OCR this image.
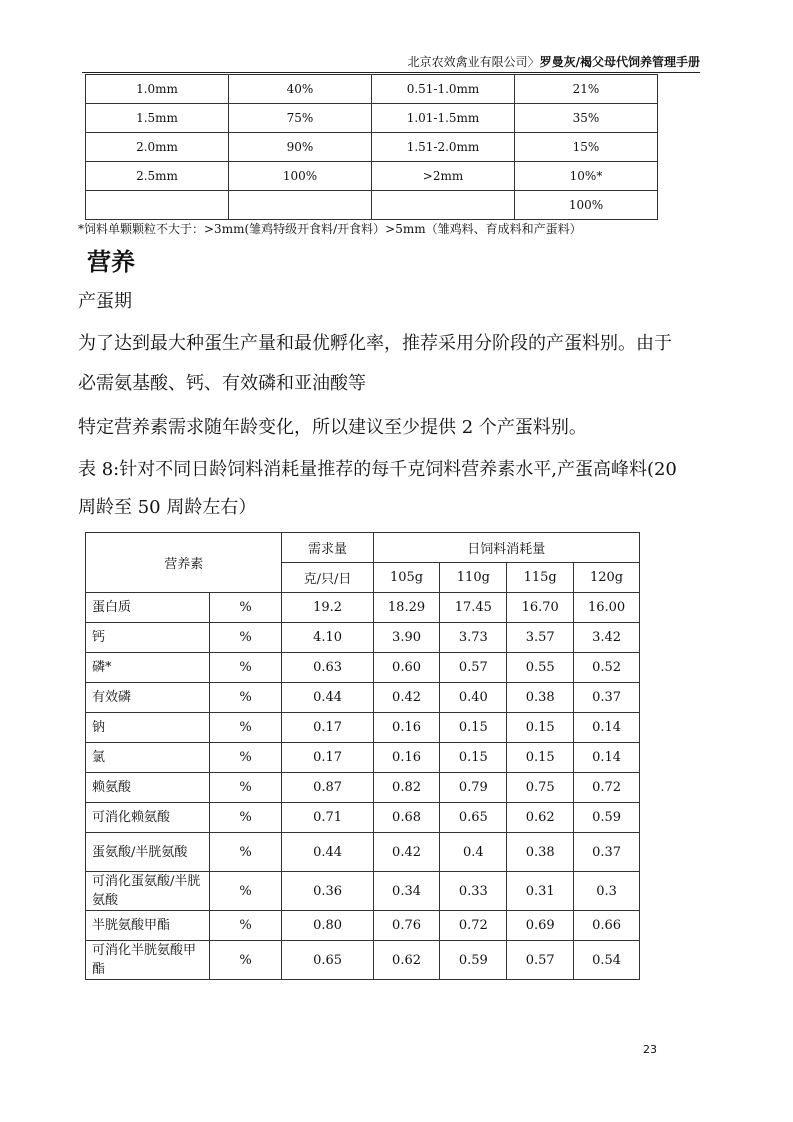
北京农效禽业有限公司〉罗曼灰/褐父母代饲养管理手册
1.0mm	40%	0.51-1.0mm	21%
1.5mm	75%	1.01-1.5mm	35%
2.0mm	90%	1.51-2.0mm	15%
2.5mm	100%	>2mm	10%*
			100%
*饲料单颗颗粒不大于：>3mm(雏鸡特级开食料/开食料）>5mm（雏鸡料、育成料和产蛋料）
营养
产蛋期
为了达到最大种蛋生产量和最优孵化率，推荐采用分阶段的产蛋料别。由于
必需氨基酸、钙、有效磷和亚油酸等
特定营养素需求随年龄变化，所以建议至少提供 2 个产蛋料别。
表 8:针对不同日龄饲料消耗量推荐的每千克饲料营养素水平,产蛋高峰料(20
周龄至 50 周龄左右）
营养素		需求量	日饲料消耗量			
		克/只/日	105g	110g	115g	120g
蛋白质	%	19.2	18.29	17.45	16.70	16.00
钙	%	4.10	3.90	3.73	3.57	3.42
磷*	%	0.63	0.60	0.57	0.55	0.52
有效磷	%	0.44	0.42	0.40	0.38	0.37
钠	%	0.17	0.16	0.15	0.15	0.14
氯	%	0.17	0.16	0.15	0.15	0.14
赖氨酸	%	0.87	0.82	0.79	0.75	0.72
可消化赖氨酸	%	0.71	0.68	0.65	0.62	0.59
蛋氨酸/半胱氨酸	%	0.44	0.42	0.4	0.38	0.37
可消化蛋氨酸/半胱氨酸	%	0.36	0.34	0.33	0.31	0.3
半胱氨酸甲酯	%	0.80	0.76	0.72	0.69	0.66
可消化半胱氨酸甲酯	%	0.65	0.62	0.59	0.57	0.54
23
